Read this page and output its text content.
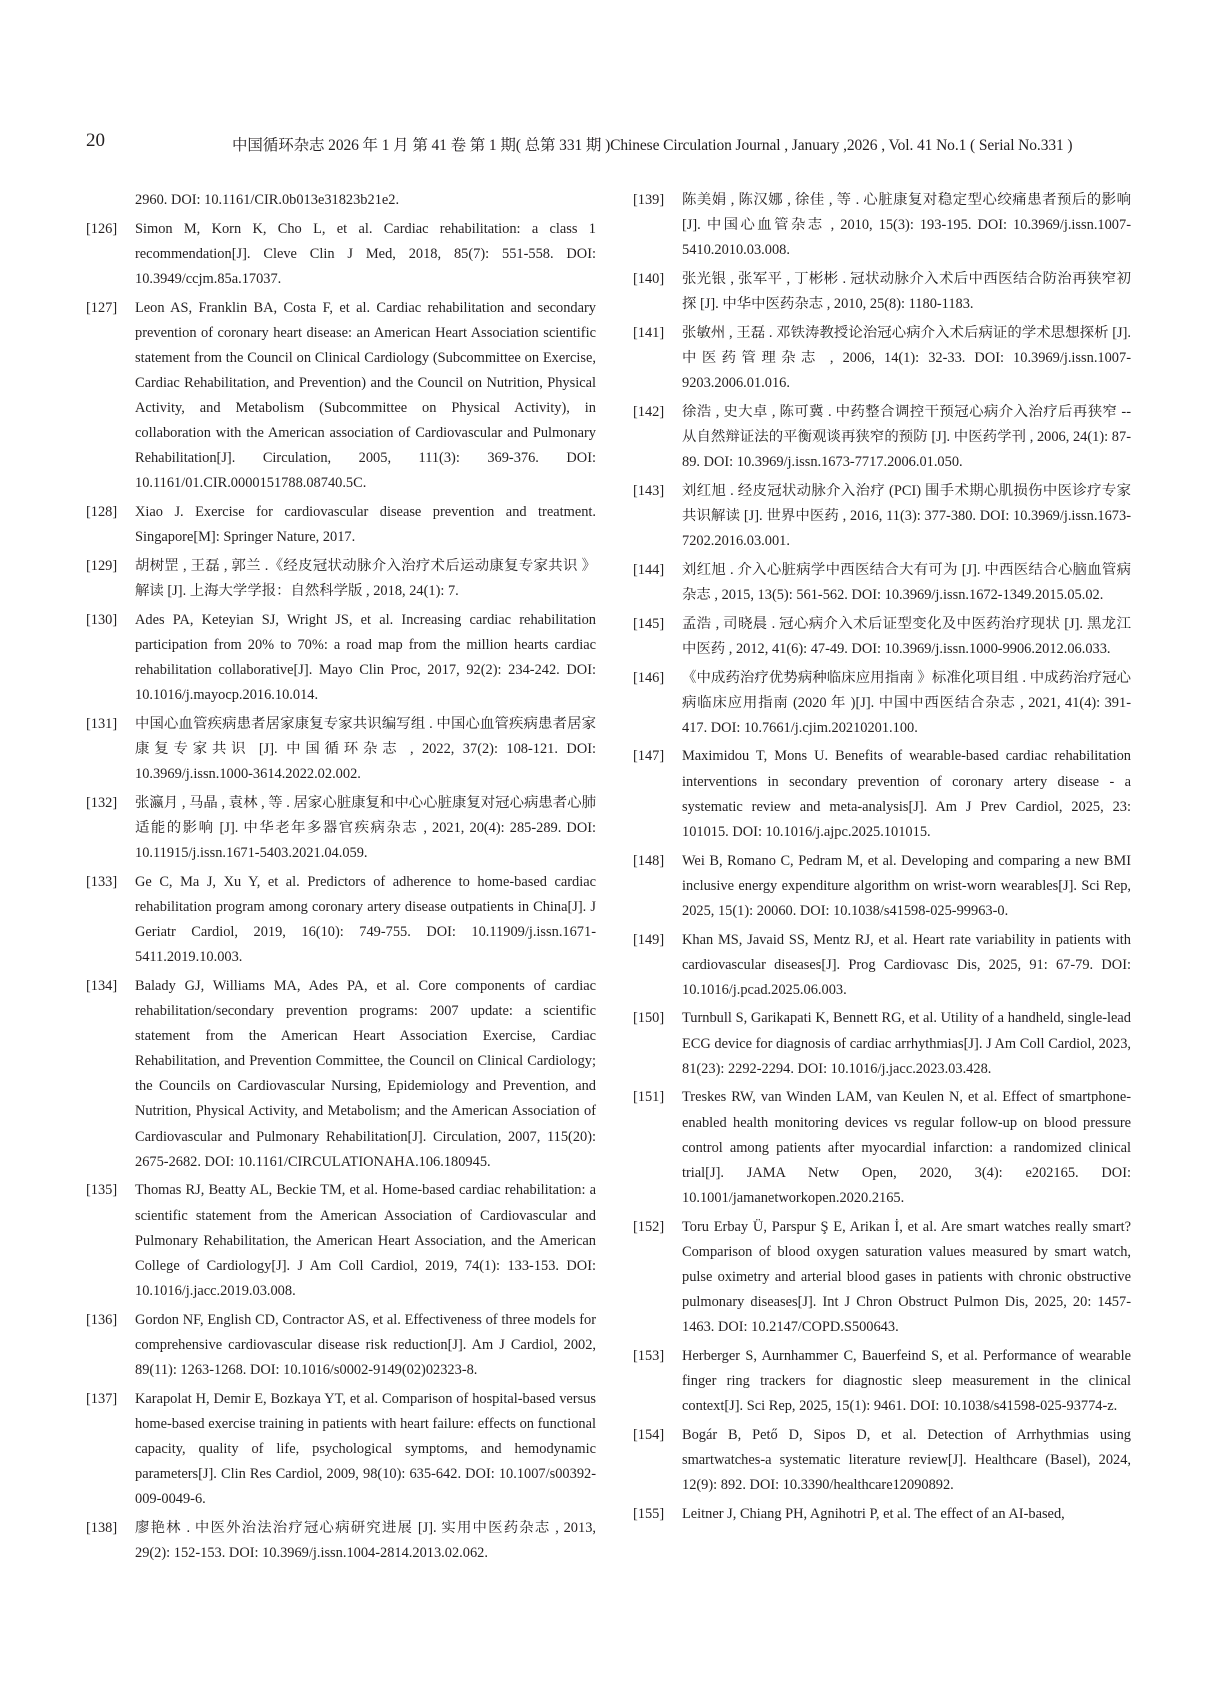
20	中国循环杂志 2026 年 1 月 第 41 卷 第 1 期( 总第 331 期 )Chinese Circulation Journal , January ,2026 , Vol. 41 No.1 ( Serial No.331 )
2960. DOI: 10.1161/CIR.0b013e31823b21e2.
[126] Simon M, Korn K, Cho L, et al. Cardiac rehabilitation: a class 1 recommendation[J]. Cleve Clin J Med, 2018, 85(7): 551-558. DOI: 10.3949/ccjm.85a.17037.
[127] Leon AS, Franklin BA, Costa F, et al. Cardiac rehabilitation and secondary prevention of coronary heart disease: an American Heart Association scientific statement from the Council on Clinical Cardiology (Subcommittee on Exercise, Cardiac Rehabilitation, and Prevention) and the Council on Nutrition, Physical Activity, and Metabolism (Subcommittee on Physical Activity), in collaboration with the American association of Cardiovascular and Pulmonary Rehabilitation[J]. Circulation, 2005, 111(3): 369-376. DOI: 10.1161/01.CIR.0000151788.08740.5C.
[128] Xiao J. Exercise for cardiovascular disease prevention and treatment. Singapore[M]: Springer Nature, 2017.
[129] 胡树罡 , 王磊 , 郭兰 .《经皮冠状动脉介入治疗术后运动康复专家共识 》解读 [J]. 上海大学学报：自然科学版 , 2018, 24(1): 7.
[130] Ades PA, Keteyian SJ, Wright JS, et al. Increasing cardiac rehabilitation participation from 20% to 70%: a road map from the million hearts cardiac rehabilitation collaborative[J]. Mayo Clin Proc, 2017, 92(2): 234-242. DOI: 10.1016/j.mayocp.2016.10.014.
[131] 中国心血管疾病患者居家康复专家共识编写组 . 中国心血管疾病患者居家康复专家共识 [J]. 中国循环杂志 , 2022, 37(2): 108-121. DOI: 10.3969/j.issn.1000-3614.2022.02.002.
[132] 张瀛月 , 马晶 , 袁林 , 等 . 居家心脏康复和中心心脏康复对冠心病患者心肺适能的影响 [J]. 中华老年多器官疾病杂志 , 2021, 20(4): 285-289. DOI: 10.11915/j.issn.1671-5403.2021.04.059.
[133] Ge C, Ma J, Xu Y, et al. Predictors of adherence to home-based cardiac rehabilitation program among coronary artery disease outpatients in China[J]. J Geriatr Cardiol, 2019, 16(10): 749-755. DOI: 10.11909/j.issn.1671-5411.2019.10.003.
[134] Balady GJ, Williams MA, Ades PA, et al. Core components of cardiac rehabilitation/secondary prevention programs: 2007 update: a scientific statement from the American Heart Association Exercise, Cardiac Rehabilitation, and Prevention Committee, the Council on Clinical Cardiology; the Councils on Cardiovascular Nursing, Epidemiology and Prevention, and Nutrition, Physical Activity, and Metabolism; and the American Association of Cardiovascular and Pulmonary Rehabilitation[J]. Circulation, 2007, 115(20): 2675-2682. DOI: 10.1161/CIRCULATIONAHA.106.180945.
[135] Thomas RJ, Beatty AL, Beckie TM, et al. Home-based cardiac rehabilitation: a scientific statement from the American Association of Cardiovascular and Pulmonary Rehabilitation, the American Heart Association, and the American College of Cardiology[J]. J Am Coll Cardiol, 2019, 74(1): 133-153. DOI: 10.1016/j.jacc.2019.03.008.
[136] Gordon NF, English CD, Contractor AS, et al. Effectiveness of three models for comprehensive cardiovascular disease risk reduction[J]. Am J Cardiol, 2002, 89(11): 1263-1268. DOI: 10.1016/s0002-9149(02)02323-8.
[137] Karapolat H, Demir E, Bozkaya YT, et al. Comparison of hospital-based versus home-based exercise training in patients with heart failure: effects on functional capacity, quality of life, psychological symptoms, and hemodynamic parameters[J]. Clin Res Cardiol, 2009, 98(10): 635-642. DOI: 10.1007/s00392-009-0049-6.
[138] 廖艳林 . 中医外治法治疗冠心病研究进展 [J]. 实用中医药杂志 , 2013, 29(2): 152-153. DOI: 10.3969/j.issn.1004-2814.2013.02.062.
[139] 陈美娟 , 陈汉娜 , 徐佳 , 等 . 心脏康复对稳定型心绞痛患者预后的影响 [J]. 中国心血管杂志 , 2010, 15(3): 193-195. DOI: 10.3969/j.issn.1007-5410.2010.03.008.
[140] 张光银 , 张军平 , 丁彬彬 . 冠状动脉介入术后中西医结合防治再狭窄初探 [J]. 中华中医药杂志 , 2010, 25(8): 1180-1183.
[141] 张敏州 , 王磊 . 邓铁涛教授论治冠心病介入术后病证的学术思想探析 [J]. 中医药管理杂志 , 2006, 14(1): 32-33. DOI: 10.3969/j.issn.1007-9203.2006.01.016.
[142] 徐浩 , 史大卓 , 陈可冀 . 中药整合调控干预冠心病介入治疗后再狭窄 -- 从自然辩证法的平衡观谈再狭窄的预防 [J]. 中医药学刊 , 2006, 24(1): 87-89. DOI: 10.3969/j.issn.1673-7717.2006.01.050.
[143] 刘红旭 . 经皮冠状动脉介入治疗 (PCI) 围手术期心肌损伤中医诊疗专家共识解读 [J]. 世界中医药 , 2016, 11(3): 377-380. DOI: 10.3969/j.issn.1673-7202.2016.03.001.
[144] 刘红旭 . 介入心脏病学中西医结合大有可为 [J]. 中西医结合心脑血管病杂志 , 2015, 13(5): 561-562. DOI: 10.3969/j.issn.1672-1349.2015.05.02.
[145] 孟浩 , 司晓晨 . 冠心病介入术后证型变化及中医药治疗现状 [J]. 黑龙江中医药 , 2012, 41(6): 47-49. DOI: 10.3969/j.issn.1000-9906.2012.06.033.
[146] 《中成药治疗优势病种临床应用指南 》标准化项目组 . 中成药治疗冠心病临床应用指南 (2020 年 )[J]. 中国中西医结合杂志 , 2021, 41(4): 391-417. DOI: 10.7661/j.cjim.20210201.100.
[147] Maximidou T, Mons U. Benefits of wearable-based cardiac rehabilitation interventions in secondary prevention of coronary artery disease - a systematic review and meta-analysis[J]. Am J Prev Cardiol, 2025, 23: 101015. DOI: 10.1016/j.ajpc.2025.101015.
[148] Wei B, Romano C, Pedram M, et al. Developing and comparing a new BMI inclusive energy expenditure algorithm on wrist-worn wearables[J]. Sci Rep, 2025, 15(1): 20060. DOI: 10.1038/s41598-025-99963-0.
[149] Khan MS, Javaid SS, Mentz RJ, et al. Heart rate variability in patients with cardiovascular diseases[J]. Prog Cardiovasc Dis, 2025, 91: 67-79. DOI: 10.1016/j.pcad.2025.06.003.
[150] Turnbull S, Garikapati K, Bennett RG, et al. Utility of a handheld, single-lead ECG device for diagnosis of cardiac arrhythmias[J]. J Am Coll Cardiol, 2023, 81(23): 2292-2294. DOI: 10.1016/j.jacc.2023.03.428.
[151] Treskes RW, van Winden LAM, van Keulen N, et al. Effect of smartphone-enabled health monitoring devices vs regular follow-up on blood pressure control among patients after myocardial infarction: a randomized clinical trial[J]. JAMA Netw Open, 2020, 3(4): e202165. DOI: 10.1001/jamanetworkopen.2020.2165.
[152] Toru Erbay Ü, Parspur Ş E, Arikan İ, et al. Are smart watches really smart? Comparison of blood oxygen saturation values measured by smart watch, pulse oximetry and arterial blood gases in patients with chronic obstructive pulmonary diseases[J]. Int J Chron Obstruct Pulmon Dis, 2025, 20: 1457-1463. DOI: 10.2147/COPD.S500643.
[153] Herberger S, Aurnhammer C, Bauerfeind S, et al. Performance of wearable finger ring trackers for diagnostic sleep measurement in the clinical context[J]. Sci Rep, 2025, 15(1): 9461. DOI: 10.1038/s41598-025-93774-z.
[154] Bogár B, Pető D, Sipos D, et al. Detection of Arrhythmias using smartwatches-a systematic literature review[J]. Healthcare (Basel), 2024, 12(9): 892. DOI: 10.3390/healthcare12090892.
[155] Leitner J, Chiang PH, Agnihotri P, et al. The effect of an AI-based,
